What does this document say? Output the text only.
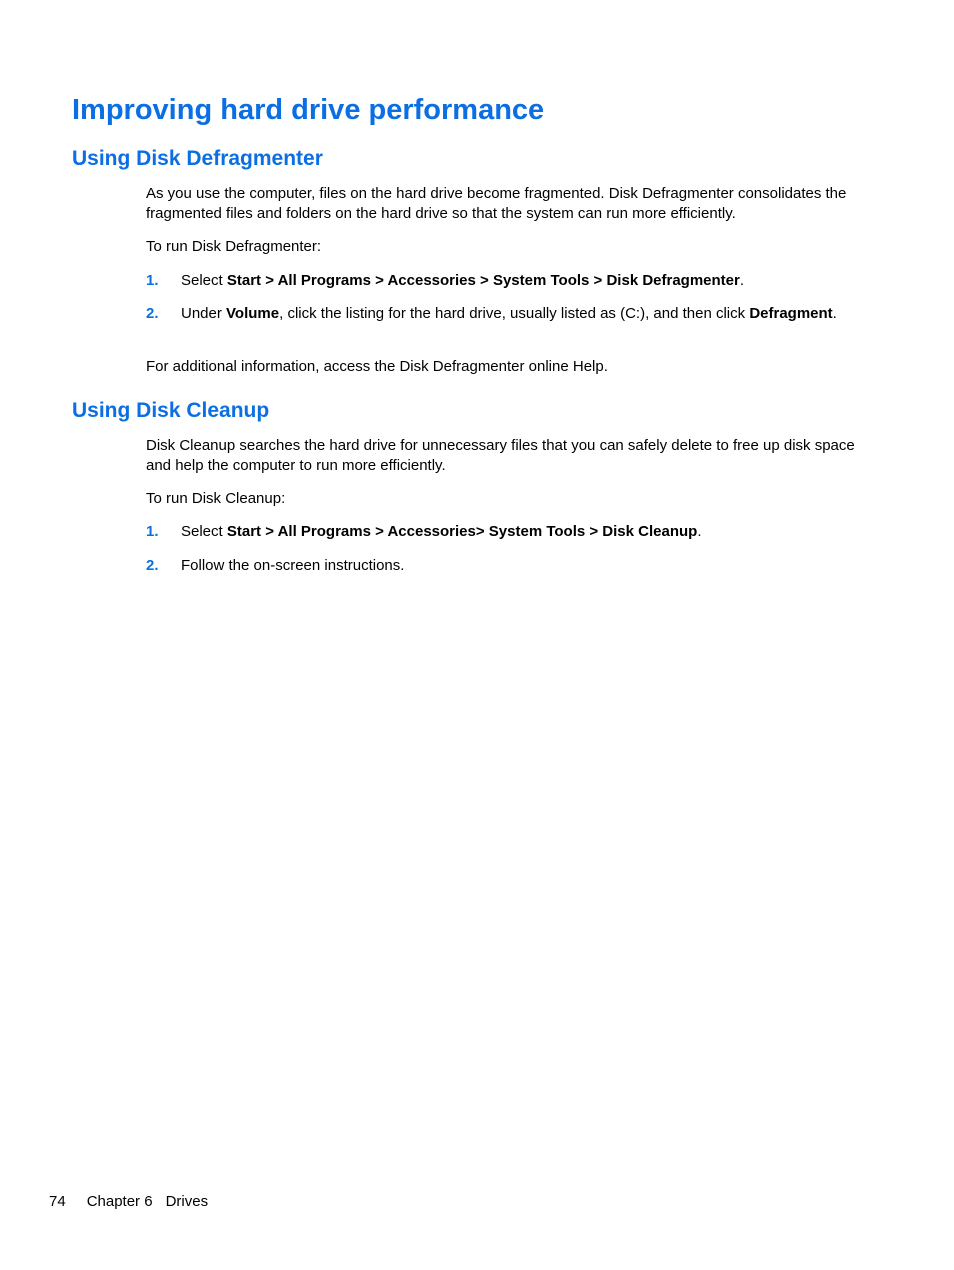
Improving hard drive performance
Using Disk Defragmenter

As you use the computer, files on the hard drive become fragmented. Disk Defragmenter consolidates the fragmented files and folders on the hard drive so that the system can run more efficiently.

To run Disk Defragmenter:

1. Select Start > All Programs > Accessories > System Tools > Disk Defragmenter.
2. Under Volume, click the listing for the hard drive, usually listed as (C:), and then click Defragment.

For additional information, access the Disk Defragmenter online Help.

Using Disk Cleanup

Disk Cleanup searches the hard drive for unnecessary files that you can safely delete to free up disk space and help the computer to run more efficiently.

To run Disk Cleanup:

1. Select Start > All Programs > Accessories> System Tools > Disk Cleanup.
2. Follow the on-screen instructions.
74 Chapter 6 Drives
